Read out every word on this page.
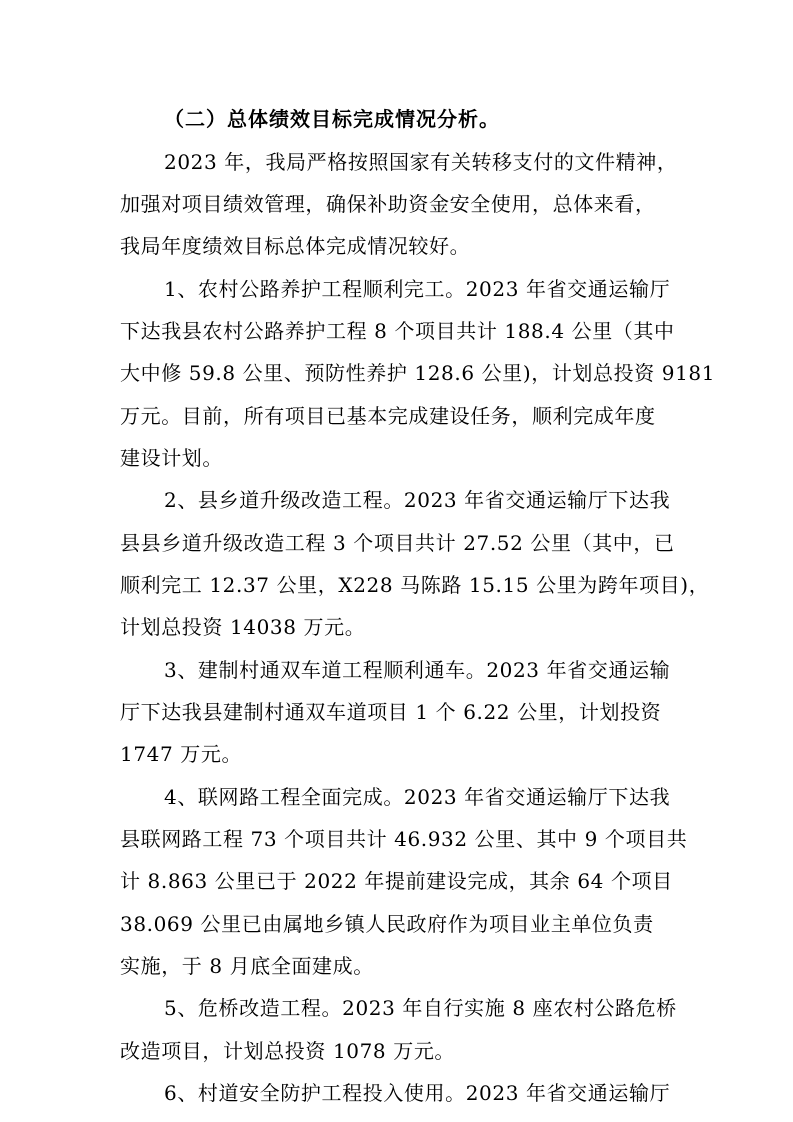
（二）总体绩效目标完成情况分析。
2023 年，我局严格按照国家有关转移支付的文件精神，
加强对项目绩效管理，确保补助资金安全使用，总体来看，
我局年度绩效目标总体完成情况较好。
1、农村公路养护工程顺利完工。2023 年省交通运输厅
下达我县农村公路养护工程 8 个项目共计 188.4 公里（其中
大中修 59.8 公里、预防性养护 128.6 公里)，计划总投资 9181
万元。目前，所有项目已基本完成建设任务，顺利完成年度
建设计划。
2、县乡道升级改造工程。2023 年省交通运输厅下达我
县县乡道升级改造工程 3 个项目共计 27.52 公里（其中，已
顺利完工 12.37 公里，X228 马陈路 15.15 公里为跨年项目)，
计划总投资 14038 万元。
3、建制村通双车道工程顺利通车。2023 年省交通运输
厅下达我县建制村通双车道项目 1 个 6.22 公里，计划投资
1747 万元。
4、联网路工程全面完成。2023 年省交通运输厅下达我
县联网路工程 73 个项目共计 46.932 公里、其中 9 个项目共
计 8.863 公里已于 2022 年提前建设完成，其余 64 个项目
38.069 公里已由属地乡镇人民政府作为项目业主单位负责
实施，于 8 月底全面建成。
5、危桥改造工程。2023 年自行实施 8 座农村公路危桥
改造项目，计划总投资 1078 万元。
6、村道安全防护工程投入使用。2023 年省交通运输厅
